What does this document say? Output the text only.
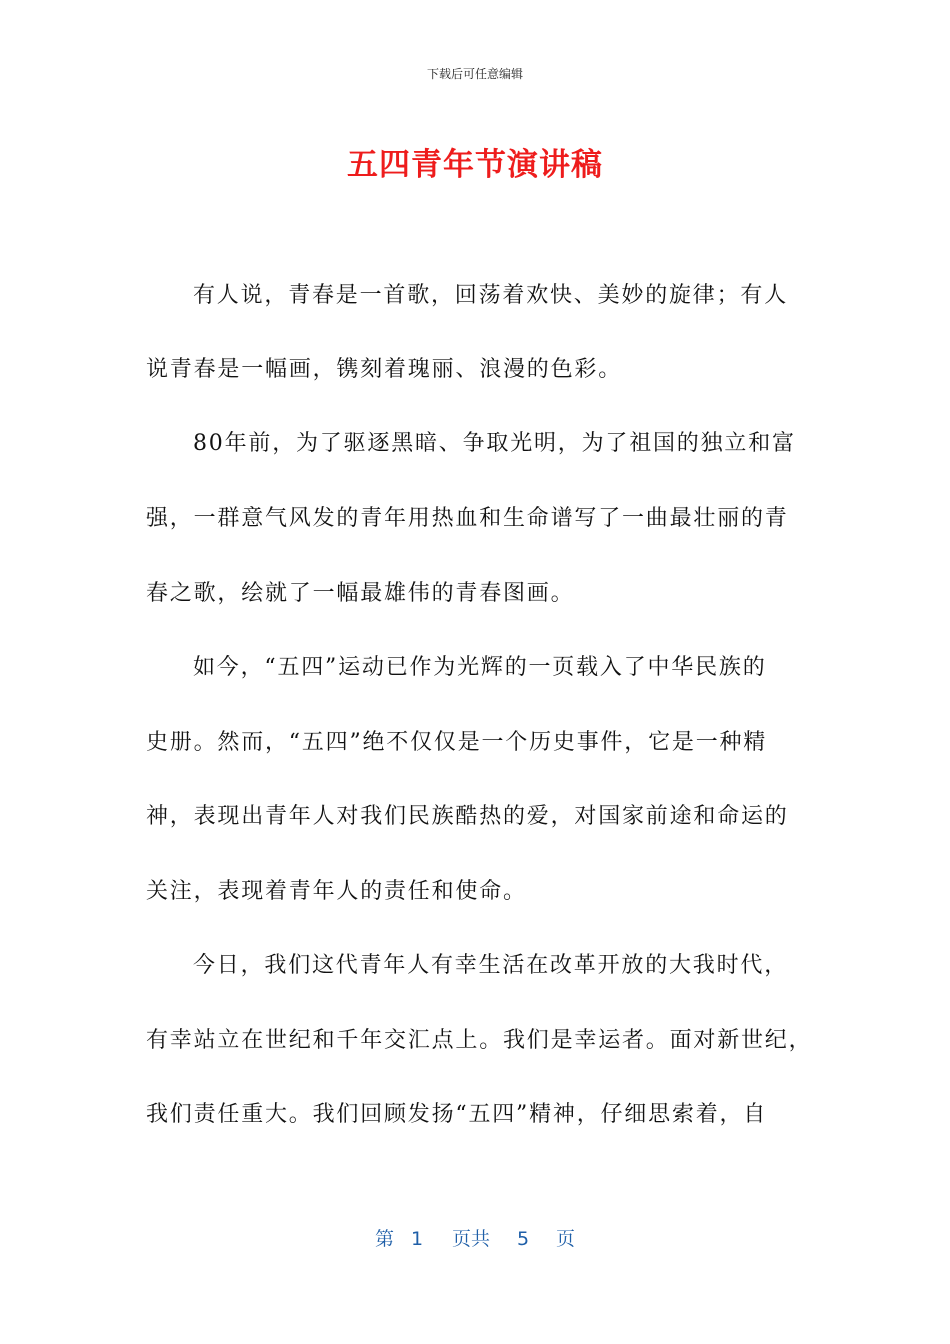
下载后可任意编辑
五四青年节演讲稿
有人说，青春是一首歌，回荡着欢快、美妙的旋律；有人
说青春是一幅画，镌刻着瑰丽、浪漫的色彩。
80年前，为了驱逐黑暗、争取光明，为了祖国的独立和富
强，一群意气风发的青年用热血和生命谱写了一曲最壮丽的青
春之歌，绘就了一幅最雄伟的青春图画。
如今，“五四”运动已作为光辉的一页载入了中华民族的
史册。然而，“五四”绝不仅仅是一个历史事件，它是一种精
神，表现出青年人对我们民族酷热的爱，对国家前途和命运的
关注，表现着青年人的责任和使命。
今日，我们这代青年人有幸生活在改革开放的大我时代，
有幸站立在世纪和千年交汇点上。我们是幸运者。面对新世纪，
我们责任重大。我们回顾发扬“五四”精神，仔细思索着，自
第 1 页共 5 页
